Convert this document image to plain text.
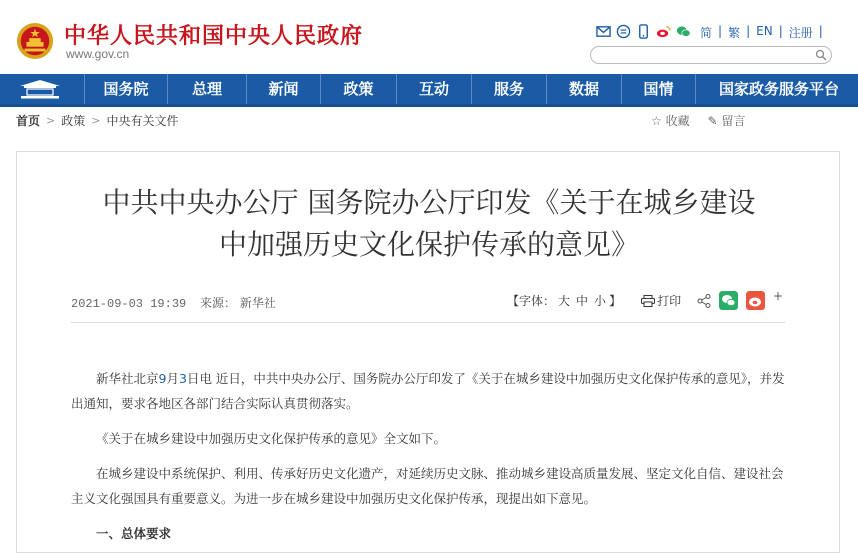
中华人民共和国中央人民政府
www.gov.cn
简 | 繁 | EN | 注册 |
国务院	总理	新闻	政策	互动	服务	数据	国情	国家政务服务平台
首页 > 政策 > 中央有关文件	☆ 收藏 ✎ 留言
中共中央办公厅 国务院办公厅印发《关于在城乡建设
中加强历史文化保护传承的意见》
2021-09-03 19:39 来源： 新华社	【字体： 大 中 小 】	打印	+

新华社北京9月3日电 近日，中共中央办公厅、国务院办公厅印发了《关于在城乡建设中加强历史文化保护传承的意见》，并发出通知，要求各地区各部门结合实际认真贯彻落实。

《关于在城乡建设中加强历史文化保护传承的意见》全文如下。

在城乡建设中系统保护、利用、传承好历史文化遗产，对延续历史文脉、推动城乡建设高质量发展、坚定文化自信、建设社会主义文化强国具有重要意义。为进一步在城乡建设中加强历史文化保护传承，现提出如下意见。

一、总体要求
